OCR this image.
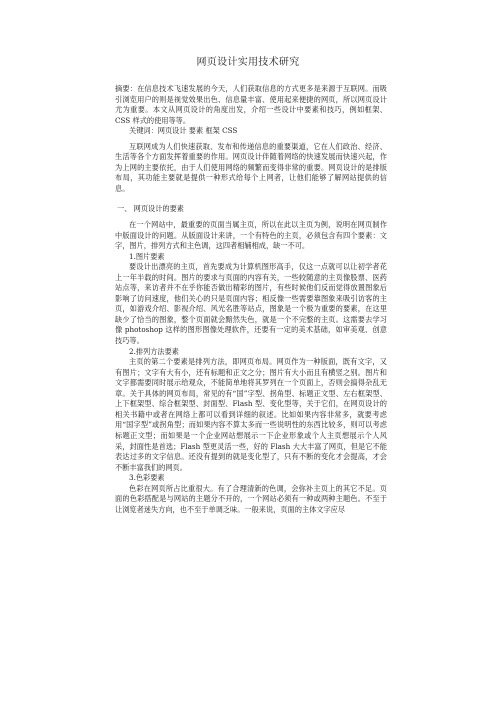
网页设计实用技术研究

摘要：在信息技术飞速发展的今天，人们获取信息的方式更多是来源于互联网。而吸引浏览用户的则是视觉效果出色、信息量丰富、使用起来便捷的网页，所以网页设计尤为重要。本文从网页设计的角度出发，介绍一些设计中要素和技巧，例如框架、CSS 样式的使用等等。

关键词：网页设计 要素 框架 CSS

互联网成为人们快速获取、发布和传递信息的重要渠道，它在人们政治、经济、生活等各个方面发挥着重要的作用。网页设计伴随着网络的快速发展而快速兴起，作为上网的主要依托，由于人们使用网络的频繁而变得非常的重要。网页设计的是排版布局，其功能主要就是提供一种形式给每个上网者，让他们能够了解网站提供的信息。

一、 网页设计的要素

在一个网站中，最重要的页面当属主页，所以在此以主页为例，说明在网页制作中版面设计的问题。从版面设计来讲，一个有特色的主页，必须包含有四个要素：文字，图片，排列方式和主色调，这四者相辅相成，缺一不可。

1.图片要素

要设计出漂亮的主页，首先要成为计算机图形高手，仅这一点就可以让初学者花上一年半载的时间。图片的要求与页面的内容有关，一些较随意的主页像股票、医药站点等，来访者并不在乎你能否做出精彩的图片，有些时候他们反而觉得放置图象后影响了访问速度，他们关心的只是页面内容；相反像一些需要靠图象来吸引访客的主页，如游戏介绍、影视介绍、风光名胜等站点，图象是一个极为重要的要素，在这里缺少了恰当的图象，整个页面就会黯然失色，就是一个不完整的主页。这需要去学习像 photoshop 这样的图形图像处理软件，还要有一定的美术基础，如审美观、创意技巧等。

2.排列方法要素

主页的第二个要素是排列方法，即网页布局。网页作为一种版面，既有文字，又有图片；文字有大有小，还有标题和正文之分；图片有大小而且有横竖之别。图片和文字都需要同时展示给观众，不能简单地将其罗列在一个页面上，否则会搞得杂乱无章。关于具体的网页布局，常见的有“国”字型、拐角型、标题正文型、左右框架型、上下框架型、综合框架型、封面型、Flash 型、变化型等，关于它们，在网页设计的相关书籍中或者在网络上都可以看到详细的叙述。比如如果内容非常多，就要考虑用“国字型”或拐角型；而如果内容不算太多而一些说明性的东西比较多，则可以考虑标题正文型；而如果是一个企业网站想展示一下企业形象或个人主页想展示个人风采，封面性是首选；Flash 型更灵活一些，好的 Flash 大大丰富了网页，但是它不能表达过多的文字信息。还没有提到的就是变化型了，只有不断的变化才会提高，才会不断丰富我们的网页。

3.色彩要素

色彩在网页所占比重很大。有了合理清新的色调，会弥补主页上的其它不足。页面的色彩搭配是与网站的主题分不开的，一个网站必须有一种或两种主题色。不至于让浏览者迷失方向，也不至于单调乏味。一般来说，页面的主体文字应尽
